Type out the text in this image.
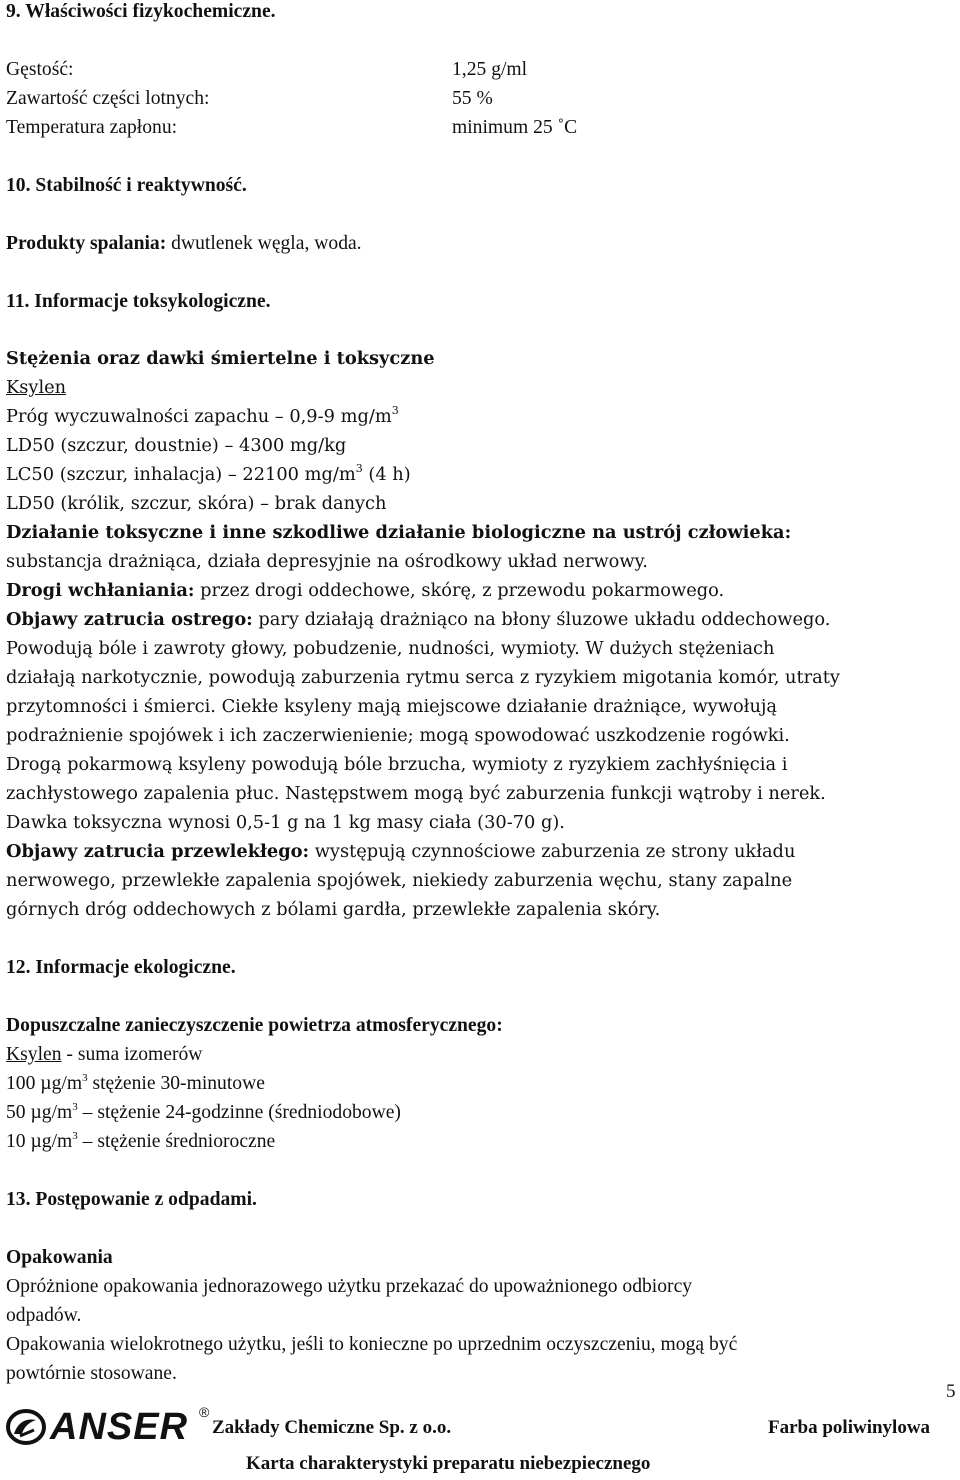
9. Właściwości fizykochemiczne.
Gęstość:	1,25 g/ml
Zawartość części lotnych:	55 %
Temperatura zapłonu:	minimum 25 ˚C
10. Stabilność i reaktywność.
Produkty spalania: dwutlenek węgla, woda.
11. Informacje toksykologiczne.
Stężenia oraz dawki śmiertelne i toksyczne
Ksylen
Próg wyczuwalności zapachu – 0,9-9 $mg/m^3$
LD50 (szczur, doustnie) – 4300 mg/kg
LC50 (szczur, inhalacja) – 22100 $mg/m^3$ (4 h)
LD50 (królik, szczur, skóra) – brak danych
Działanie toksyczne i inne szkodliwe działanie biologiczne na ustrój człowieka:
substancja drażniąca, działa depresyjnie na ośrodkowy układ nerwowy.
Drogi wchłaniania: przez drogi oddechowe, skórę, z przewodu pokarmowego.
Objawy zatrucia ostrego: pary działają drażniąco na błony śluzowe układu oddechowego.
Powodują bóle i zawroty głowy, pobudzenie, nudności, wymioty. W dużych stężeniach
działają narkotycznie, powodują zaburzenia rytmu serca z ryzykiem migotania komór, utraty
przytomności i śmierci. Ciekłe ksyleny mają miejscowe działanie drażniące, wywołują
podrażnienie spojówek i ich zaczerwienienie; mogą spowodować uszkodzenie rogówki.
Drogą pokarmową ksyleny powodują bóle brzucha, wymioty z ryzykiem zachłyśnięcia i
zachłystowego zapalenia płuc. Następstwem mogą być zaburzenia funkcji wątroby i nerek.
Dawka toksyczna wynosi 0,5-1 g na 1 kg masy ciała (30-70 g).
Objawy zatrucia przewlekłego: występują czynnościowe zaburzenia ze strony układu
nerwowego, przewlekłe zapalenia spojówek, niekiedy zaburzenia węchu, stany zapalne
górnych dróg oddechowych z bólami gardła, przewlekłe zapalenia skóry.
12. Informacje ekologiczne.
Dopuszczalne zanieczyszczenie powietrza atmosferycznego:
Ksylen - suma izomerów
100 $\mu g/m^3$ stężenie 30-minutowe
50 $\mu g/m^3$ – stężenie 24-godzinne (średniodobowe)
10 $\mu g/m^3$ – stężenie średnioroczne
13. Postępowanie z odpadami.
Opakowania
Opróżnione opakowania jednorazowego użytku przekazać do upoważnionego odbiorcy
odpadów.
Opakowania wielokrotnego użytku, jeśli to konieczne po uprzednim oczyszczeniu, mogą być
powtórnie stosowane.
5
ANSER ®
Zakłady Chemiczne Sp. z o.o.	Farba poliwinylowa
Karta charakterystyki preparatu niebezpiecznego
